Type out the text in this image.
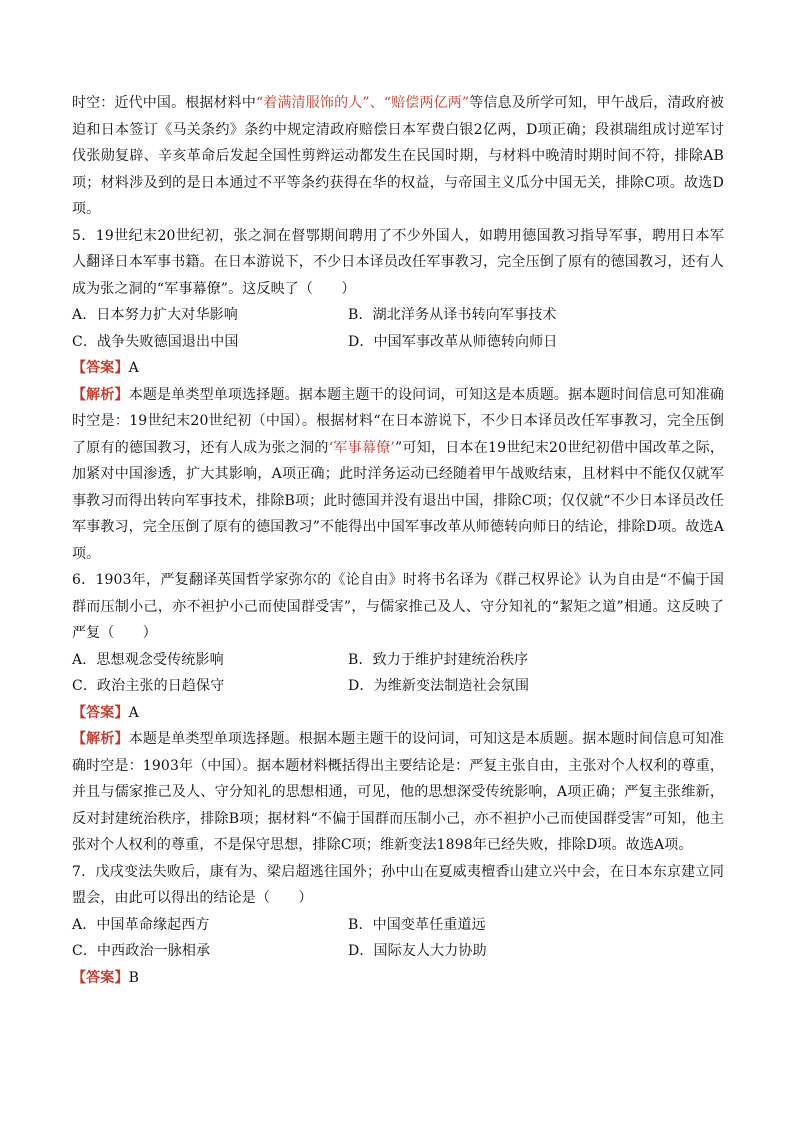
时空：近代中国。根据材料中“着满清服饰的人”、“赔偿两亿两”等信息及所学可知，甲午战后，清政府被迫和日本签订《马关条约》条约中规定清政府赔偿日本军费白银2亿两，D项正确；段祺瑞组成讨逆军讨伐张勋复辟、辛亥革命后发起全国性剪辫运动都发生在民国时期，与材料中晚清时期时间不符，排除AB项；材料涉及到的是日本通过不平等条约获得在华的权益，与帝国主义瓜分中国无关，排除C项。故选D项。

5．19世纪末20世纪初，张之洞在督鄂期间聘用了不少外国人，如聘用德国教习指导军事，聘用日本军人翻译日本军事书籍。在日本游说下，不少日本译员改任军事教习，完全压倒了原有的德国教习，还有人成为张之洞的“军事幕僚”。这反映了（　　）

A．日本努力扩大对华影响	B．湖北洋务从译书转向军事技术
C．战争失败德国退出中国	D．中国军事改革从师德转向师日

【答案】A

【解析】本题是单类型单项选择题。据本题主题干的设问词，可知这是本质题。据本题时间信息可知准确时空是：19世纪末20世纪初（中国）。根据材料“在日本游说下，不少日本译员改任军事教习，完全压倒了原有的德国教习，还有人成为张之洞的‘军事幕僚’”可知，日本在19世纪末20世纪初借中国改革之际，加紧对中国渗透，扩大其影响，A项正确；此时洋务运动已经随着甲午战败结束，且材料中不能仅仅就军事教习而得出转向军事技术，排除B项；此时德国并没有退出中国，排除C项；仅仅就“不少日本译员改任军事教习，完全压倒了原有的德国教习”不能得出中国军事改革从师德转向师日的结论，排除D项。故选A项。

6．1903年，严复翻译英国哲学家弥尔的《论自由》时将书名译为《群己权界论》认为自由是“不偏于国群而压制小己，亦不袒护小己而使国群受害”，与儒家推己及人、守分知礼的“絜矩之道”相通。这反映了严复（　　）

A．思想观念受传统影响	B．致力于维护封建统治秩序
C．政治主张的日趋保守	D．为维新变法制造社会氛围

【答案】A

【解析】本题是单类型单项选择题。根据本题主题干的设问词，可知这是本质题。据本题时间信息可知准确时空是：1903年（中国）。据本题材料概括得出主要结论是：严复主张自由，主张对个人权利的尊重，并且与儒家推己及人、守分知礼的思想相通，可见，他的思想深受传统影响，A项正确；严复主张维新，反对封建统治秩序，排除B项；据材料“不偏于国群而压制小己，亦不袒护小己而使国群受害”可知，他主张对个人权利的尊重，不是保守思想，排除C项；维新变法1898年已经失败，排除D项。故选A项。

7．戊戌变法失败后，康有为、梁启超逃往国外；孙中山在夏威夷檀香山建立兴中会，在日本东京建立同盟会，由此可以得出的结论是（　　）

A．中国革命缘起西方	B．中国变革任重道远
C．中西政治一脉相承	D．国际友人大力协助

【答案】B
